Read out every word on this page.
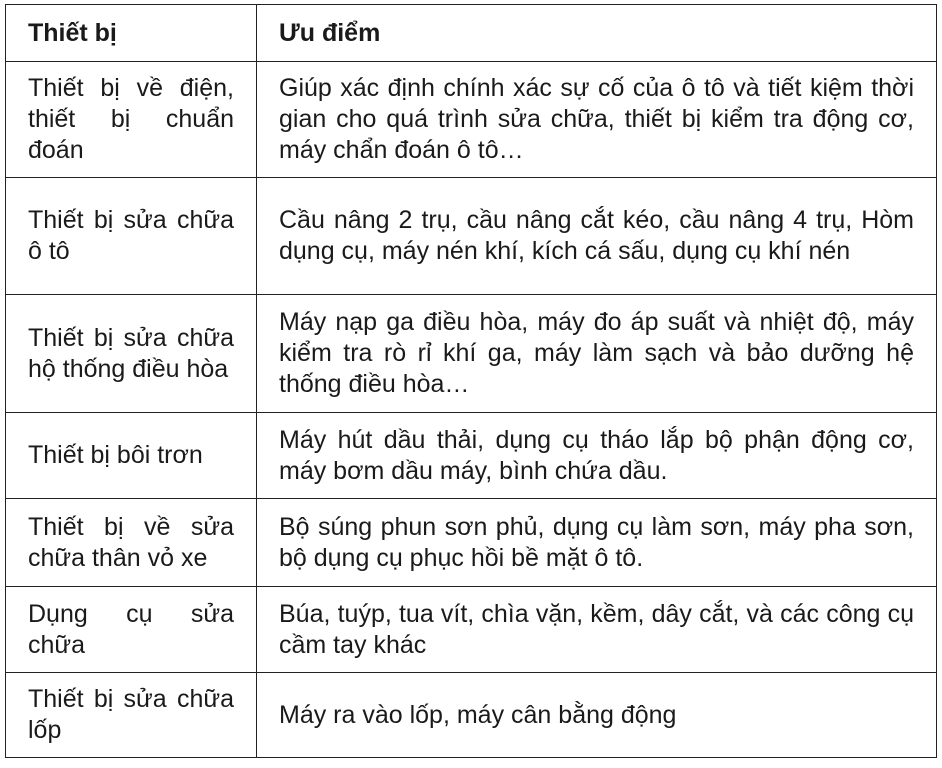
Thiết bị	Ưu điểm
Thiết bị về điện, thiết bị chuẩn đoán	Giúp xác định chính xác sự cố của ô tô và tiết kiệm thời gian cho quá trình sửa chữa, thiết bị kiểm tra động cơ, máy chẩn đoán ô tô…
Thiết bị sửa chữa ô tô	Cầu nâng 2 trụ, cầu nâng cắt kéo, cầu nâng 4 trụ, Hòm dụng cụ, máy nén khí, kích cá sấu, dụng cụ khí nén
Thiết bị sửa chữa hộ thống điều hòa	Máy nạp ga điều hòa, máy đo áp suất và nhiệt độ, máy kiểm tra rò rỉ khí ga, máy làm sạch và bảo dưỡng hệ thống điều hòa…
Thiết bị bôi trơn	Máy hút dầu thải, dụng cụ tháo lắp bộ phận động cơ, máy bơm dầu máy, bình chứa dầu.
Thiết bị về sửa chữa thân vỏ xe	Bộ súng phun sơn phủ, dụng cụ làm sơn, máy pha sơn, bộ dụng cụ phục hồi bề mặt ô tô.
Dụng cụ sửa chữa	Búa, tuýp, tua vít, chìa vặn, kềm, dây cắt, và các công cụ cầm tay khác
Thiết bị sửa chữa lốp	Máy ra vào lốp, máy cân bằng động
